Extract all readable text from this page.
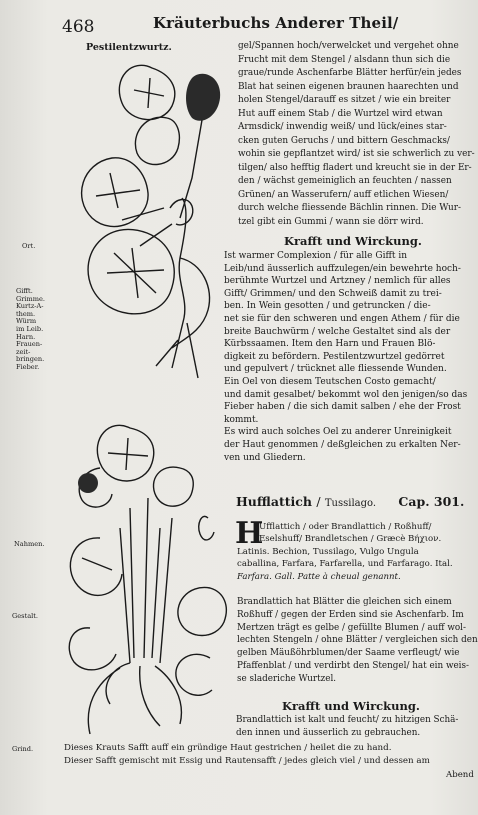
468	Kräuterbuchs Anderer Theil/
Pestilentzwurtz.
Ort.
Gifft.
Grimme.
Kurtz-A-
them.
Würm
im Leib.
Harn.
Frauen-
zeit-
bringen.
Fieber.
Nahmen.
Gestalt.
Grind.
gel/Spannen hoch/verwelcket und vergehet ohne
Frucht mit dem Stengel / alsdann thun sich die
graue/runde Aschenfarbe Blätter herfür/ein jedes
Blat hat seinen eigenen braunen haarechten und
holen Stengel/darauff es sitzet / wie ein breiter
Hut auff einem Stab / die Wurtzel wird etwan
Armsdick/ inwendig weiß/ und lück/eines star-
cken guten Geruchs / und bittern Geschmacks/
wohin sie gepflantzet wird/ ist sie schwerlich zu ver-
tilgen/ also hefftig fladert und kreucht sie in der Er-
den / wächst gemeiniglich an feuchten / nassen
Grünen/ an Wasserufern/ auff etlichen Wiesen/
durch welche fliessende Bächlin rinnen. Die Wur-
tzel gibt ein Gummi / wann sie dörr wird.
Krafft und Wirckung.
Ist warmer Complexion / für alle Gifft in
Leib/und äusserlich auffzulegen/ein bewehrte hoch-
berühmte Wurtzel und Artzney / nemlich für alles
Gifft/ Grimmen/ und den Schweiß damit zu trei-
ben. In Wein gesotten / und getruncken / die-
net sie für den schweren und engen Athem / für die
breite Bauchwürm / welche Gestaltet sind als der
Kürbssaamen. Item den Harn und Frauen Blö-
digkeit zu befördern. Pestilentzwurtzel gedörret
und gepulvert / trücknet alle fliessende Wunden.
Ein Oel von diesem Teutschen Costo gemacht/
und damit gesalbet/ bekommt wol den jenigen/so das
Fieber haben / die sich damit salben / ehe der Frost
kommt.
Es wird auch solches Oel zu anderer Unreinigkeit
der Haut genommen / deßgleichen zu erkalten Ner-
ven und Gliedern.
Hufflattich / Tussilago. Cap. 301.
H
Ufflattich / oder Brandlattich / Roßhuff/
Eselshuff/ Brandletschen / Græcè Βήχιον.
Latinis. Bechion, Tussilago, Vulgo Ungula
caballina, Farfara, Farfarella, und Farfarago. Ital.
Farfara. Gall. Patte à cheual genannt.
Brandlattich hat Blätter die gleichen sich einem
Roßhuff / gegen der Erden sind sie Aschenfarb. Im
Mertzen trägt es gelbe / gefüllte Blumen / auff wol-
lechten Stengeln / ohne Blätter / vergleichen sich den
gelben Mäußöhrblumen/der Saame verfleugt/ wie
Pfaffenblat / und verdirbt den Stengel/ hat ein weis-
se sladeriche Wurtzel.
Krafft und Wirckung.
Brandlattich ist kalt und feucht/ zu hitzigen Schä-
den innen und äusserlich zu gebrauchen.
Dieses Krauts Safft auff ein gründige Haut gestrichen / heilet die zu hand.
Dieser Safft gemischt mit Essig und Rautensafft / jedes gleich viel / und dessen am
Abend
